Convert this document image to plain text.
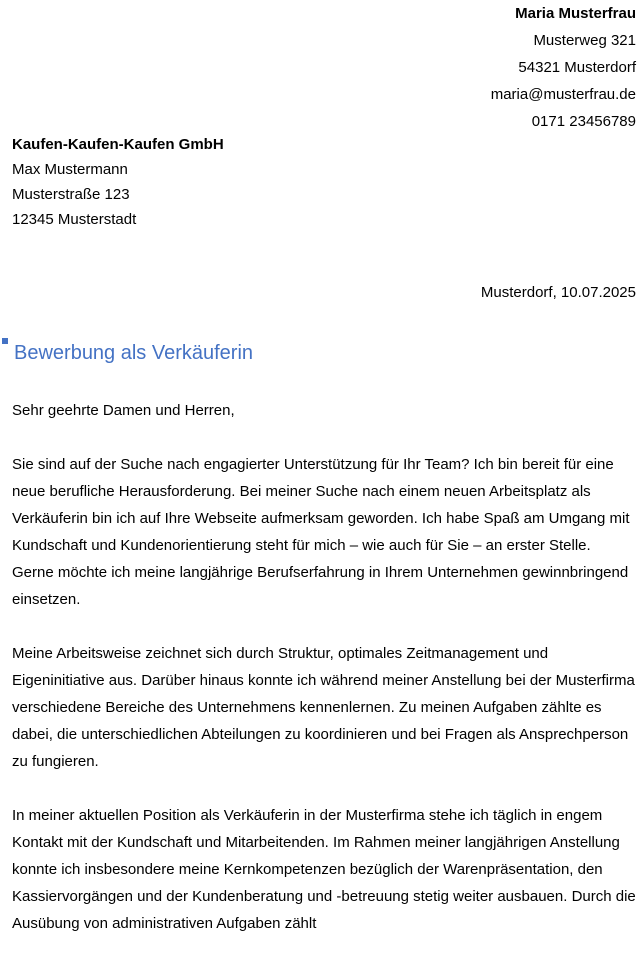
Maria Musterfrau
Musterweg 321
54321 Musterdorf
maria@musterfrau.de
0171 23456789
Kaufen-Kaufen-Kaufen GmbH
Max Mustermann
Musterstraße 123
12345 Musterstadt
Musterdorf, 10.07.2025
Bewerbung als Verkäuferin

Sehr geehrte Damen und Herren,

Sie sind auf der Suche nach engagierter Unterstützung für Ihr Team? Ich bin bereit für eine neue berufliche Herausforderung. Bei meiner Suche nach einem neuen Arbeitsplatz als Verkäuferin bin ich auf Ihre Webseite aufmerksam geworden. Ich habe Spaß am Umgang mit Kundschaft und Kundenorientierung steht für mich – wie auch für Sie – an erster Stelle. Gerne möchte ich meine langjährige Berufserfahrung in Ihrem Unternehmen gewinnbringend einsetzen.

Meine Arbeitsweise zeichnet sich durch Struktur, optimales Zeitmanagement und Eigeninitiative aus. Darüber hinaus konnte ich während meiner Anstellung bei der Musterfirma verschiedene Bereiche des Unternehmens kennenlernen. Zu meinen Aufgaben zählte es dabei, die unterschiedlichen Abteilungen zu koordinieren und bei Fragen als Ansprechperson zu fungieren.

In meiner aktuellen Position als Verkäuferin in der Musterfirma stehe ich täglich in engem Kontakt mit der Kundschaft und Mitarbeitenden. Im Rahmen meiner langjährigen Anstellung konnte ich insbesondere meine Kernkompetenzen bezüglich der Warenpräsentation, den Kassiervorgängen und der Kundenberatung und -betreuung stetig weiter ausbauen. Durch die Ausübung von administrativen Aufgaben zählt
